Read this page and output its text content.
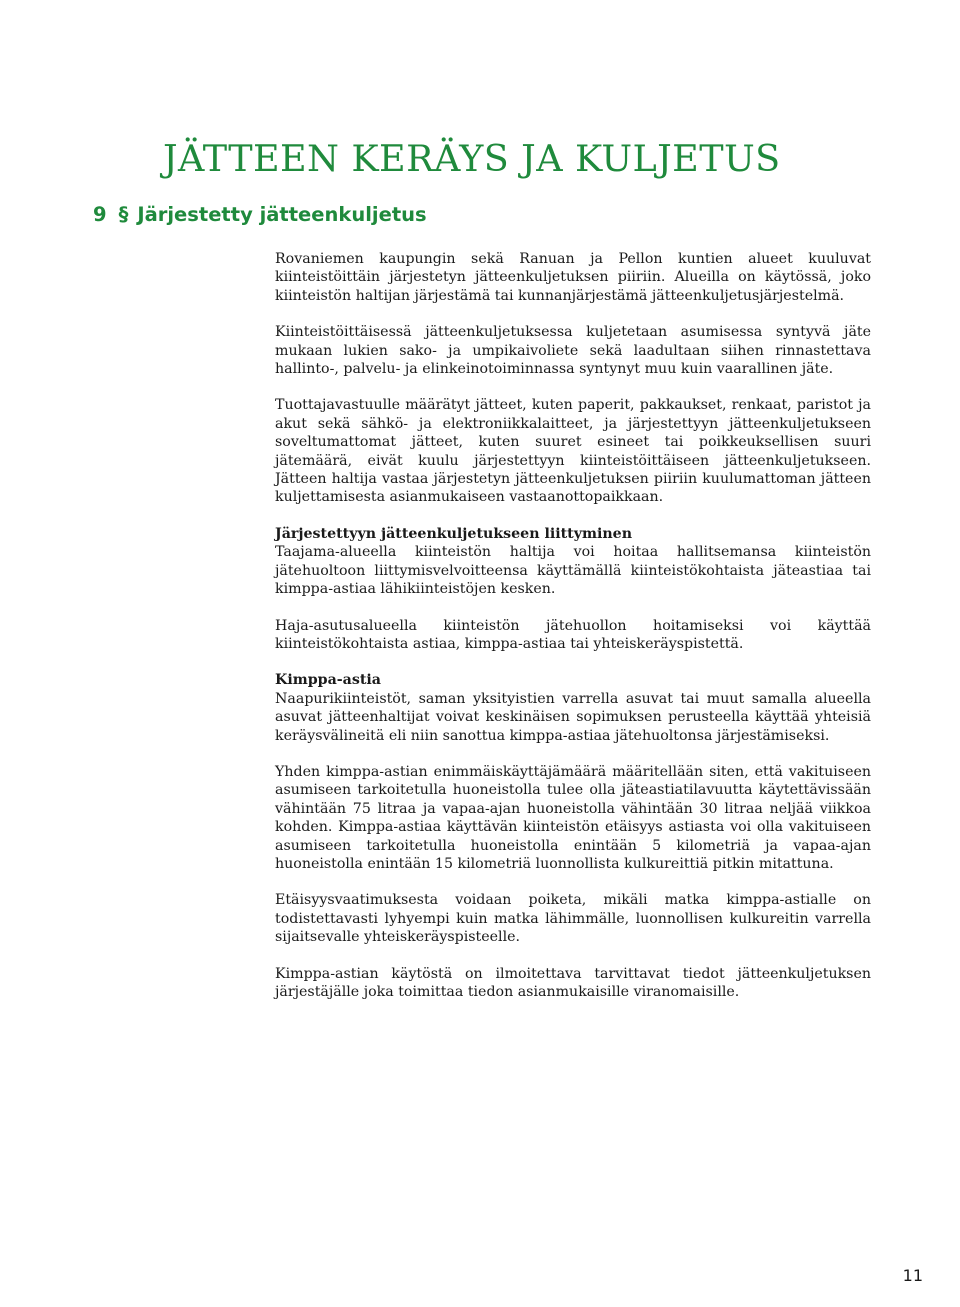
JÄTTEEN KERÄYS JA KULJETUS
9 § Järjestetty jätteenkuljetus

Rovaniemen kaupungin sekä Ranuan ja Pellon kuntien alueet kuuluvat kiinteistöittäin järjestetyn jätteenkuljetuksen piiriin. Alueilla on käytössä, joko kiinteistön haltijan järjestämä tai kunnanjärjestämä jätteenkuljetusjärjestelmä.

Kiinteistöittäisessä jätteenkuljetuksessa kuljetetaan asumisessa syntyvä jäte mukaan lukien sako- ja umpikaivoliete sekä laadultaan siihen rinnastettava hallinto-, palvelu- ja elinkeinotoiminnassa syntynyt muu kuin vaarallinen jäte.

Tuottajavastuulle määrätyt jätteet, kuten paperit, pakkaukset, renkaat, paristot ja akut sekä sähkö- ja elektroniikkalaitteet, ja järjestettyyn jätteenkuljetukseen soveltumattomat jätteet, kuten suuret esineet tai poikkeuksellisen suuri jätemäärä, eivät kuulu järjestettyyn kiinteistöittäiseen jätteenkuljetukseen. Jätteen haltija vastaa järjestetyn jätteenkuljetuksen piiriin kuulumattoman jätteen kuljettamisesta asianmukaiseen vastaanottopaikkaan.

Järjestettyyn jätteenkuljetukseen liittyminen
Taajama-alueella kiinteistön haltija voi hoitaa hallitsemansa kiinteistön jätehuoltoon liittymisvelvoitteensa käyttämällä kiinteistökohtaista jäteastiaa tai kimppa-astiaa lähikiinteistöjen kesken.

Haja-asutusalueella kiinteistön jätehuollon hoitamiseksi voi käyttää kiinteistökohtaista astiaa, kimppa-astiaa tai yhteiskeräyspistettä.

Kimppa-astia
Naapurikiinteistöt, saman yksityistien varrella asuvat tai muut samalla alueella asuvat jätteenhaltijat voivat keskinäisen sopimuksen perusteella käyttää yhteisiä keräysvälineitä eli niin sanottua kimppa-astiaa jätehuoltonsa järjestämiseksi.

Yhden kimppa-astian enimmäiskäyttäjämäärä määritellään siten, että vakituiseen asumiseen tarkoitetulla huoneistolla tulee olla jäteastiatilavuutta käytettävissään vähintään 75 litraa ja vapaa-ajan huoneistolla vähintään 30 litraa neljää viikkoa kohden. Kimppa-astiaa käyttävän kiinteistön etäisyys astiasta voi olla vakituiseen asumiseen tarkoitetulla huoneistolla enintään 5 kilometriä ja vapaa-ajan huoneistolla enintään 15 kilometriä luonnollista kulkureittiä pitkin mitattuna.

Etäisyysvaatimuksesta voidaan poiketa, mikäli matka kimppa-astialle on todistettavasti lyhyempi kuin matka lähimmälle, luonnollisen kulkureitin varrella sijaitsevalle yhteiskeräyspisteelle.

Kimppa-astian käytöstä on ilmoitettava tarvittavat tiedot jätteenkuljetuksen järjestäjälle joka toimittaa tiedon asianmukaisille viranomaisille.

11
